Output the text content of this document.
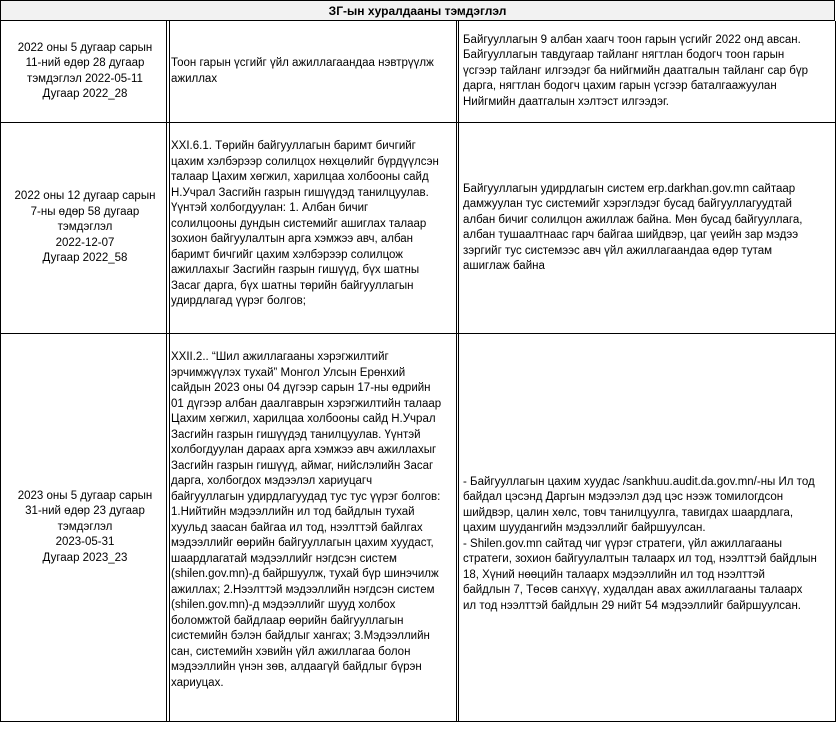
ЗГ-ын хуралдааны тэмдэглэл
2022 оны 5 дугаар сарын
11-ний өдөр 28 дугаар
тэмдэглэл 2022-05-11
Дугаар 2022_28
Тоон гарын үсгийг үйл ажиллагаандаа нэвтрүүлж
ажиллах
Байгууллагын 9 албан хаагч тоон гарын үсгийг 2022 онд авсан.
Байгууллагын тавдугаар тайланг нягтлан бодогч тоон гарын
үсгээр тайланг илгээдэг ба нийгмийн даатгалын тайланг сар бүр
дарга, нягтлан бодогч цахим гарын үсгээр баталгаажуулан
Нийгмийн даатгалын хэлтэст илгээдэг.
2022 оны 12 дугаар сарын
7-ны өдөр 58 дугаар
тэмдэглэл
2022-12-07
Дугаар 2022_58
XXI.6.1. Төрийн байгууллагын баримт бичгийг
цахим хэлбэрээр солилцох нөхцөлийг бүрдүүлсэн
талаар Цахим хөгжил, харилцаа холбооны сайд
Н.Учрал Засгийн газрын гишүүдэд танилцуулав.
Үүнтэй холбогдуулан: 1. Албан бичиг
солилцооны дундын системийг ашиглах талаар
зохион байгуулалтын арга хэмжээ авч, албан
баримт бичгийг цахим хэлбэрээр солилцож
ажиллахыг Засгийн газрын гишүүд, бүх шатны
Засаг дарга, бүх шатны төрийн байгууллагын
удирдлагад үүрэг болгов;
Байгууллагын удирдлагын систем erp.darkhan.gov.mn сайтаар
дамжуулан тус системийг хэрэглэдэг бусад байгууллагуудтай
албан бичиг солилцон ажиллаж байна. Мөн бусад байгууллага,
албан тушаалтнаас гарч байгаа шийдвэр, цаг үеийн зар мэдээ
зэргийг тус системээс авч үйл ажиллагаандаа өдөр тутам
ашиглаж байна
2023 оны 5 дугаар сарын
31-ний өдөр 23 дугаар
тэмдэглэл
2023-05-31
Дугаар 2023_23
XXII.2.. “Шил ажиллагааны хэрэгжилтийг
эрчимжүүлэх тухай” Монгол Улсын Ерөнхий
сайдын 2023 оны 04 дүгээр сарын 17-ны өдрийн
01 дүгээр албан даалгаврын хэрэгжилтийн талаар
Цахим хөгжил, харилцаа холбооны сайд Н.Учрал
Засгийн газрын гишүүдэд танилцуулав. Үүнтэй
холбогдуулан дараах арга хэмжээ авч ажиллахыг
Засгийн газрын гишүүд, аймаг, нийслэлийн Засаг
дарга, холбогдох мэдээлэл хариуцагч
байгууллагын удирдлагуудад тус тус үүрэг болгов:
1.Нийтийн мэдээллийн ил тод байдлын тухай
хуульд заасан байгаа ил тод, нээлттэй байлгах
мэдээллийг өөрийн байгууллагын цахим хуудаст,
шаардлагатай мэдээллийг нэгдсэн систем
(shilen.gov.mn)-д байршуулж, тухай бүр шинэчилж
ажиллах; 2.Нээлттэй мэдээллийн нэгдсэн систем
(shilen.gov.mn)-д мэдээллийг шууд холбох
боломжтой байдлаар өөрийн байгууллагын
системийн бэлэн байдлыг хангах; 3.Мэдээллийн
сан, системийн хэвийн үйл ажиллагаа болон
мэдээллийн үнэн зөв, алдаагүй байдлыг бүрэн
хариуцах.
- Байгууллагын цахим хуудас /sankhuu.audit.da.gov.mn/-ны Ил тод
байдал цэсэнд Даргын мэдээлэл дэд цэс нээж томилогдсон
шийдвэр, цалин хөлс, товч танилцуулга, тавигдах шаардлага,
цахим шуудангийн мэдээллийг байршуулсан.
- Shilen.gov.mn сайтад чиг үүрэг стратеги, үйл ажиллагааны
стратеги, зохион байгуулалтын талаарх ил тод, нээлттэй байдлын
18, Хүний нөөцийн талаарх мэдээллийн ил тод нээлттэй
байдлын 7, Төсөв санхүү, худалдан авах ажиллагааны талаарх
ил тод нээлттэй байдлын 29 нийт 54 мэдээллийг байршуулсан.
